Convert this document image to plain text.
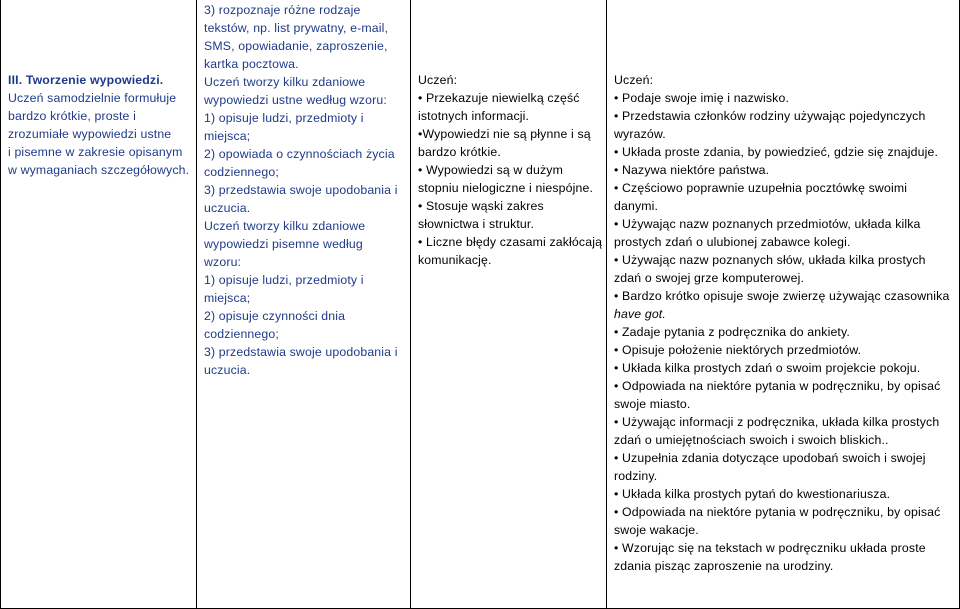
III. Tworzenie wypowiedzi.
Uczeń samodzielnie formułuje
bardzo krótkie, proste i
zrozumiałe wypowiedzi ustne
i pisemne w zakresie opisanym
w wymaganiach szczegółowych.
3) rozpoznaje różne rodzaje
tekstów, np. list prywatny, e-mail,
SMS, opowiadanie, zaproszenie,
kartka pocztowa.
Uczeń tworzy kilku zdaniowe
wypowiedzi ustne według wzoru:
1) opisuje ludzi, przedmioty i
miejsca;
2) opowiada o czynnościach życia
codziennego;
3) przedstawia swoje upodobania i
uczucia.
Uczeń tworzy kilku zdaniowe
wypowiedzi pisemne według
wzoru:
1) opisuje ludzi, przedmioty i
miejsca;
2) opisuje czynności dnia
codziennego;
3) przedstawia swoje upodobania i
uczucia.
Uczeń:
• Przekazuje niewielką część
istotnych informacji.
•Wypowiedzi nie są płynne i są
bardzo krótkie.
• Wypowiedzi są w dużym
stopniu nielogiczne i niespójne.
• Stosuje wąski zakres
słownictwa i struktur.
• Liczne błędy czasami zakłócają
komunikację.
Uczeń:
• Podaje swoje imię i nazwisko.
• Przedstawia członków rodziny używając pojedynczych
wyrazów.
• Układa proste zdania, by powiedzieć, gdzie się znajduje.
• Nazywa niektóre państwa.
• Częściowo poprawnie uzupełnia pocztówkę swoimi
danymi.
• Używając nazw poznanych przedmiotów, układa kilka
prostych zdań o ulubionej zabawce kolegi.
• Używając nazw poznanych słów, układa kilka prostych
zdań o swojej grze komputerowej.
• Bardzo krótko opisuje swoje zwierzę używając czasownika
have got.
• Zadaje pytania z podręcznika do ankiety.
• Opisuje położenie niektórych przedmiotów.
• Układa kilka prostych zdań o swoim projekcie pokoju.
• Odpowiada na niektóre pytania w podręczniku, by opisać
swoje miasto.
• Używając informacji z podręcznika, układa kilka prostych
zdań o umiejętnościach swoich i swoich bliskich..
• Uzupełnia zdania dotyczące upodobań swoich i swojej
rodziny.
• Układa kilka prostych pytań do kwestionariusza.
• Odpowiada na niektóre pytania w podręczniku, by opisać
swoje wakacje.
• Wzorując się na tekstach w podręczniku układa proste
zdania pisząc zaproszenie na urodziny.
